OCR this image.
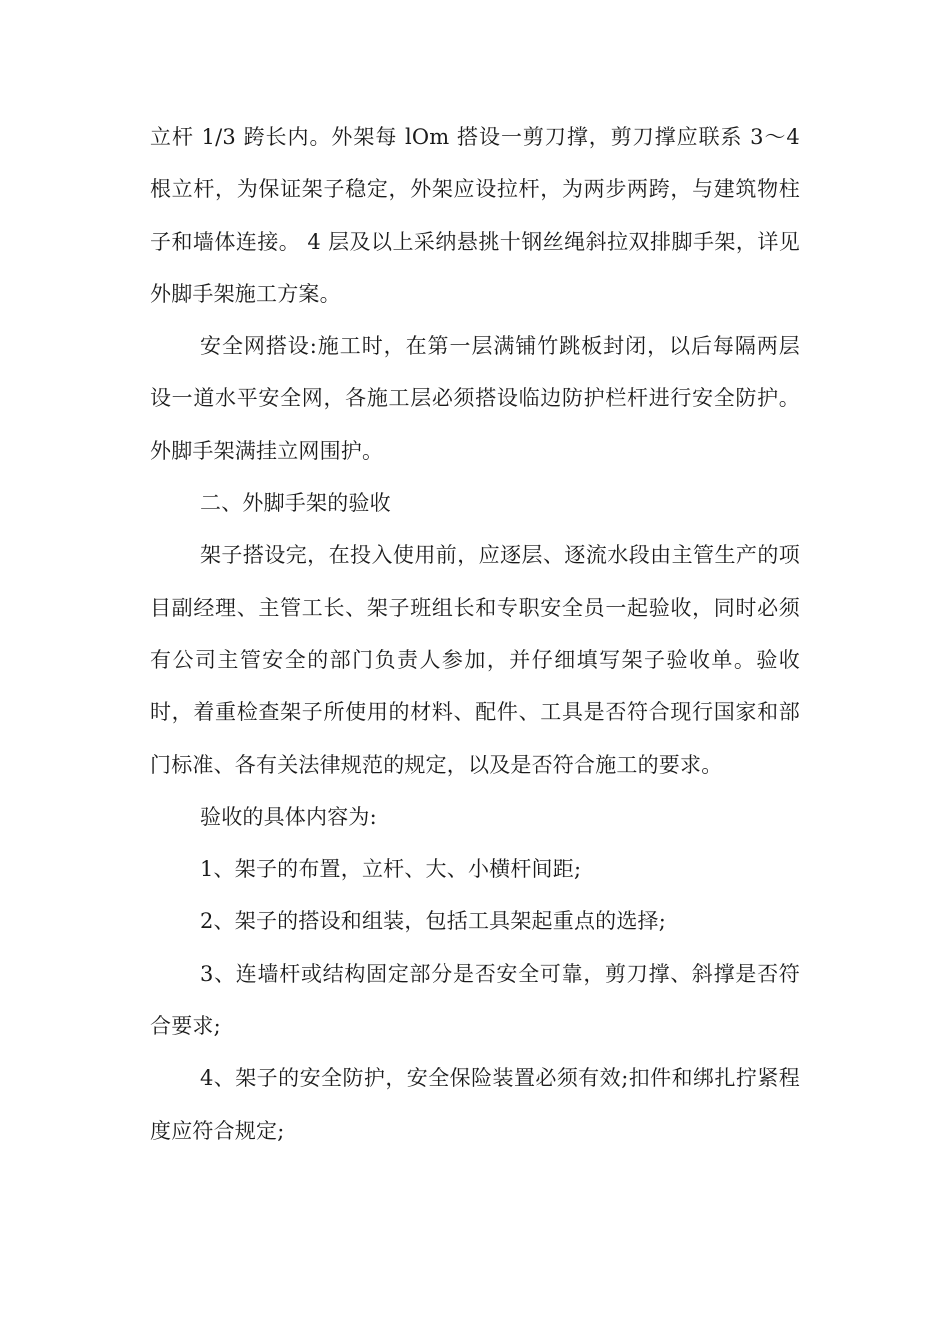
立杆 1/3 跨长内。外架每 lOm 搭设一剪刀撑，剪刀撑应联系 3～4 根立杆，为保证架子稳定，外架应设拉杆，为两步两跨，与建筑物柱子和墙体连接。 4 层及以上采纳悬挑十钢丝绳斜拉双排脚手架，详见外脚手架施工方案。

安全网搭设:施工时，在第一层满铺竹跳板封闭，以后每隔两层设一道水平安全网，各施工层必须搭设临边防护栏杆进行安全防护。外脚手架满挂立网围护。

二、外脚手架的验收

架子搭设完，在投入使用前，应逐层、逐流水段由主管生产的项目副经理、主管工长、架子班组长和专职安全员一起验收，同时必须有公司主管安全的部门负责人参加，并仔细填写架子验收单。验收时，着重检查架子所使用的材料、配件、工具是否符合现行国家和部门标准、各有关法律规范的规定，以及是否符合施工的要求。

验收的具体内容为:

1、架子的布置，立杆、大、小横杆间距;

2、架子的搭设和组装，包括工具架起重点的选择;

3、连墙杆或结构固定部分是否安全可靠，剪刀撑、斜撑是否符合要求;

4、架子的安全防护，安全保险装置必须有效;扣件和绑扎拧紧程度应符合规定;
